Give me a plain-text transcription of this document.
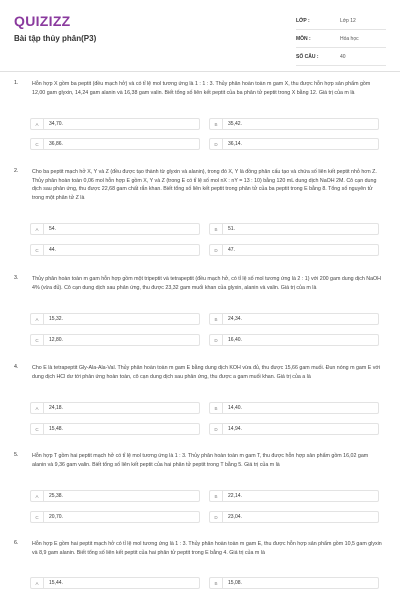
QUIZIZZ
Bài tập thủy phân(P3)
LỚP :	Lớp 12
MÔN :	Hóa học
SỐ CÂU :	40
1.	Hỗn hợp X gồm ba peptit (đều mạch hở) và có tỉ lệ mol tương ứng là 1 : 1 : 3. Thủy phân hoàn toàn m gam X, thu được hỗn hợp sản phẩm gồm 12,00 gam glyxin, 14,24 gam alanin và 16,38 gam valin. Biết tổng số liên kết peptit của ba phân tử peptit trong X bằng 12. Giá trị của m là
A	34,70.	B	35,42.
C	36,86.	D	36,14.
2.	Cho ba peptit mạch hở X, Y và Z (đều được tạo thành từ glyxin và alanin), trong đó X, Y là đồng phân cấu tạo và chứa số liên kết peptit nhỏ hơn Z. Thủy phân hoàn toàn 0,06 mol hỗn hợp E gồm X, Y và Z (trong E có tỉ lệ số mol nX : nY = 13 : 10) bằng 120 mL dung dịch NaOH 2M. Cô cạn dung dịch sau phản ứng, thu được 22,68 gam chất rắn khan. Biết tổng số liên kết peptit trong phân tử của ba peptit trong E bằng 8. Tổng số nguyên tử trong một phân tử Z là
A	54.	B	51.
C	44.	D	47.
3.	Thủy phân hoàn toàn m gam hỗn hợp gồm một tripeptit và tetrapeptit (đều mạch hở, có tỉ lệ số mol tương ứng là 2 : 1) với 200 gam dung dịch NaOH 4% (vừa đủ). Cô cạn dung dịch sau phản ứng, thu được 23,32 gam muối khan của glyxin, alanin và valin. Giá trị của m là
A	15,32.	B	24,34.
C	12,80.	D	16,40.
4.	Cho E là tetrapeptit Gly-Ala-Ala-Val. Thủy phân hoàn toàn m gam E bằng dung dịch KOH vừa đủ, thu được 15,66 gam muối. Đun nóng m gam E với dung dịch HCl dư tới phản ứng hoàn toàn, cô cạn dung dịch sau phản ứng, thu được a gam muối khan. Giá trị của a là
A	24,18.	B	14,40.
C	15,48.	D	14,94.
5.	Hỗn hợp T gồm hai peptit mạch hở có tỉ lệ mol tương ứng là 1 : 3. Thủy phân hoàn toàn m gam T, thu được hỗn hợp sản phẩm gồm 16,02 gam alanin và 9,36 gam valin. Biết tổng số liên kết peptit của hai phân tử peptit trong T bằng 5. Giá trị của m là
A	25,38.	B	22,14.
C	20,70.	D	23,04.
6.	Hỗn hợp E gồm hai peptit mạch hở có tỉ lệ mol tương ứng là 1 : 3. Thủy phân hoàn toàn m gam E, thu được hỗn hợp sản phẩm gồm 10,5 gam glyxin và 8,9 gam alanin. Biết tổng số liên kết peptit của hai phân tử peptit trong E bằng 4. Giá trị của m là
A	15,44.	B	15,08.
